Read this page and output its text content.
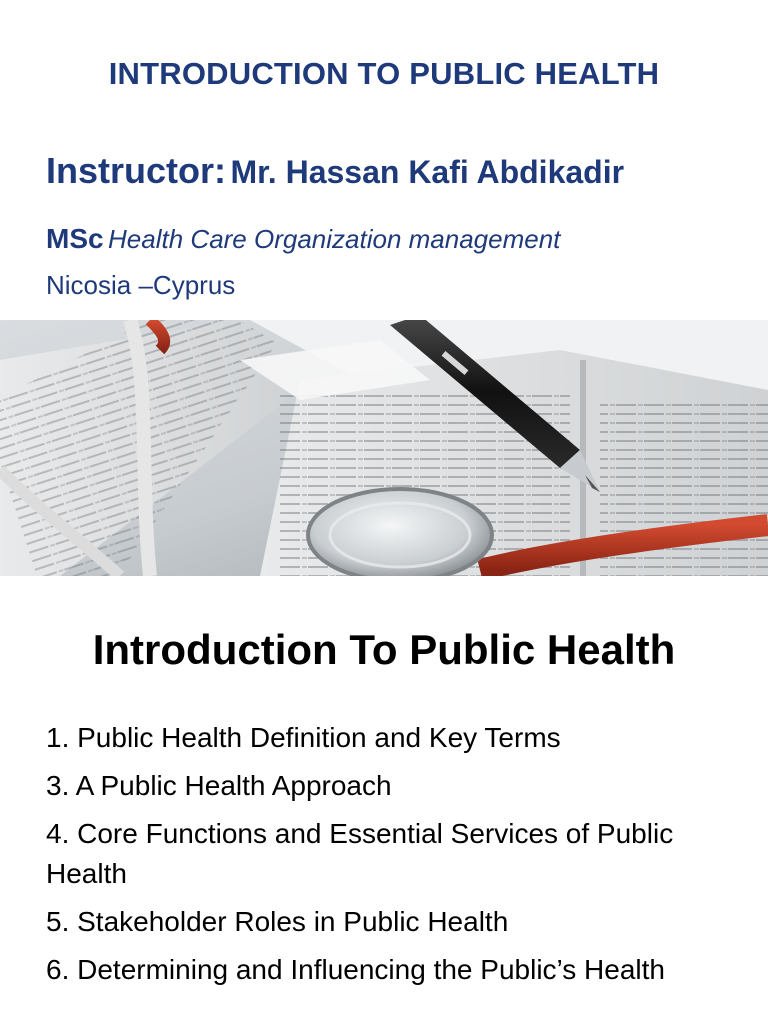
INTRODUCTION TO PUBLIC HEALTH
Instructor: Mr. Hassan Kafi Abdikadir
MSc Health Care Organization management
Nicosia –Cyprus
Introduction To Public Health
1. Public Health Definition and Key Terms
3. A Public Health Approach
4. Core Functions and Essential Services of Public Health
5. Stakeholder Roles in Public Health
6. Determining and Influencing the Public’s Health
